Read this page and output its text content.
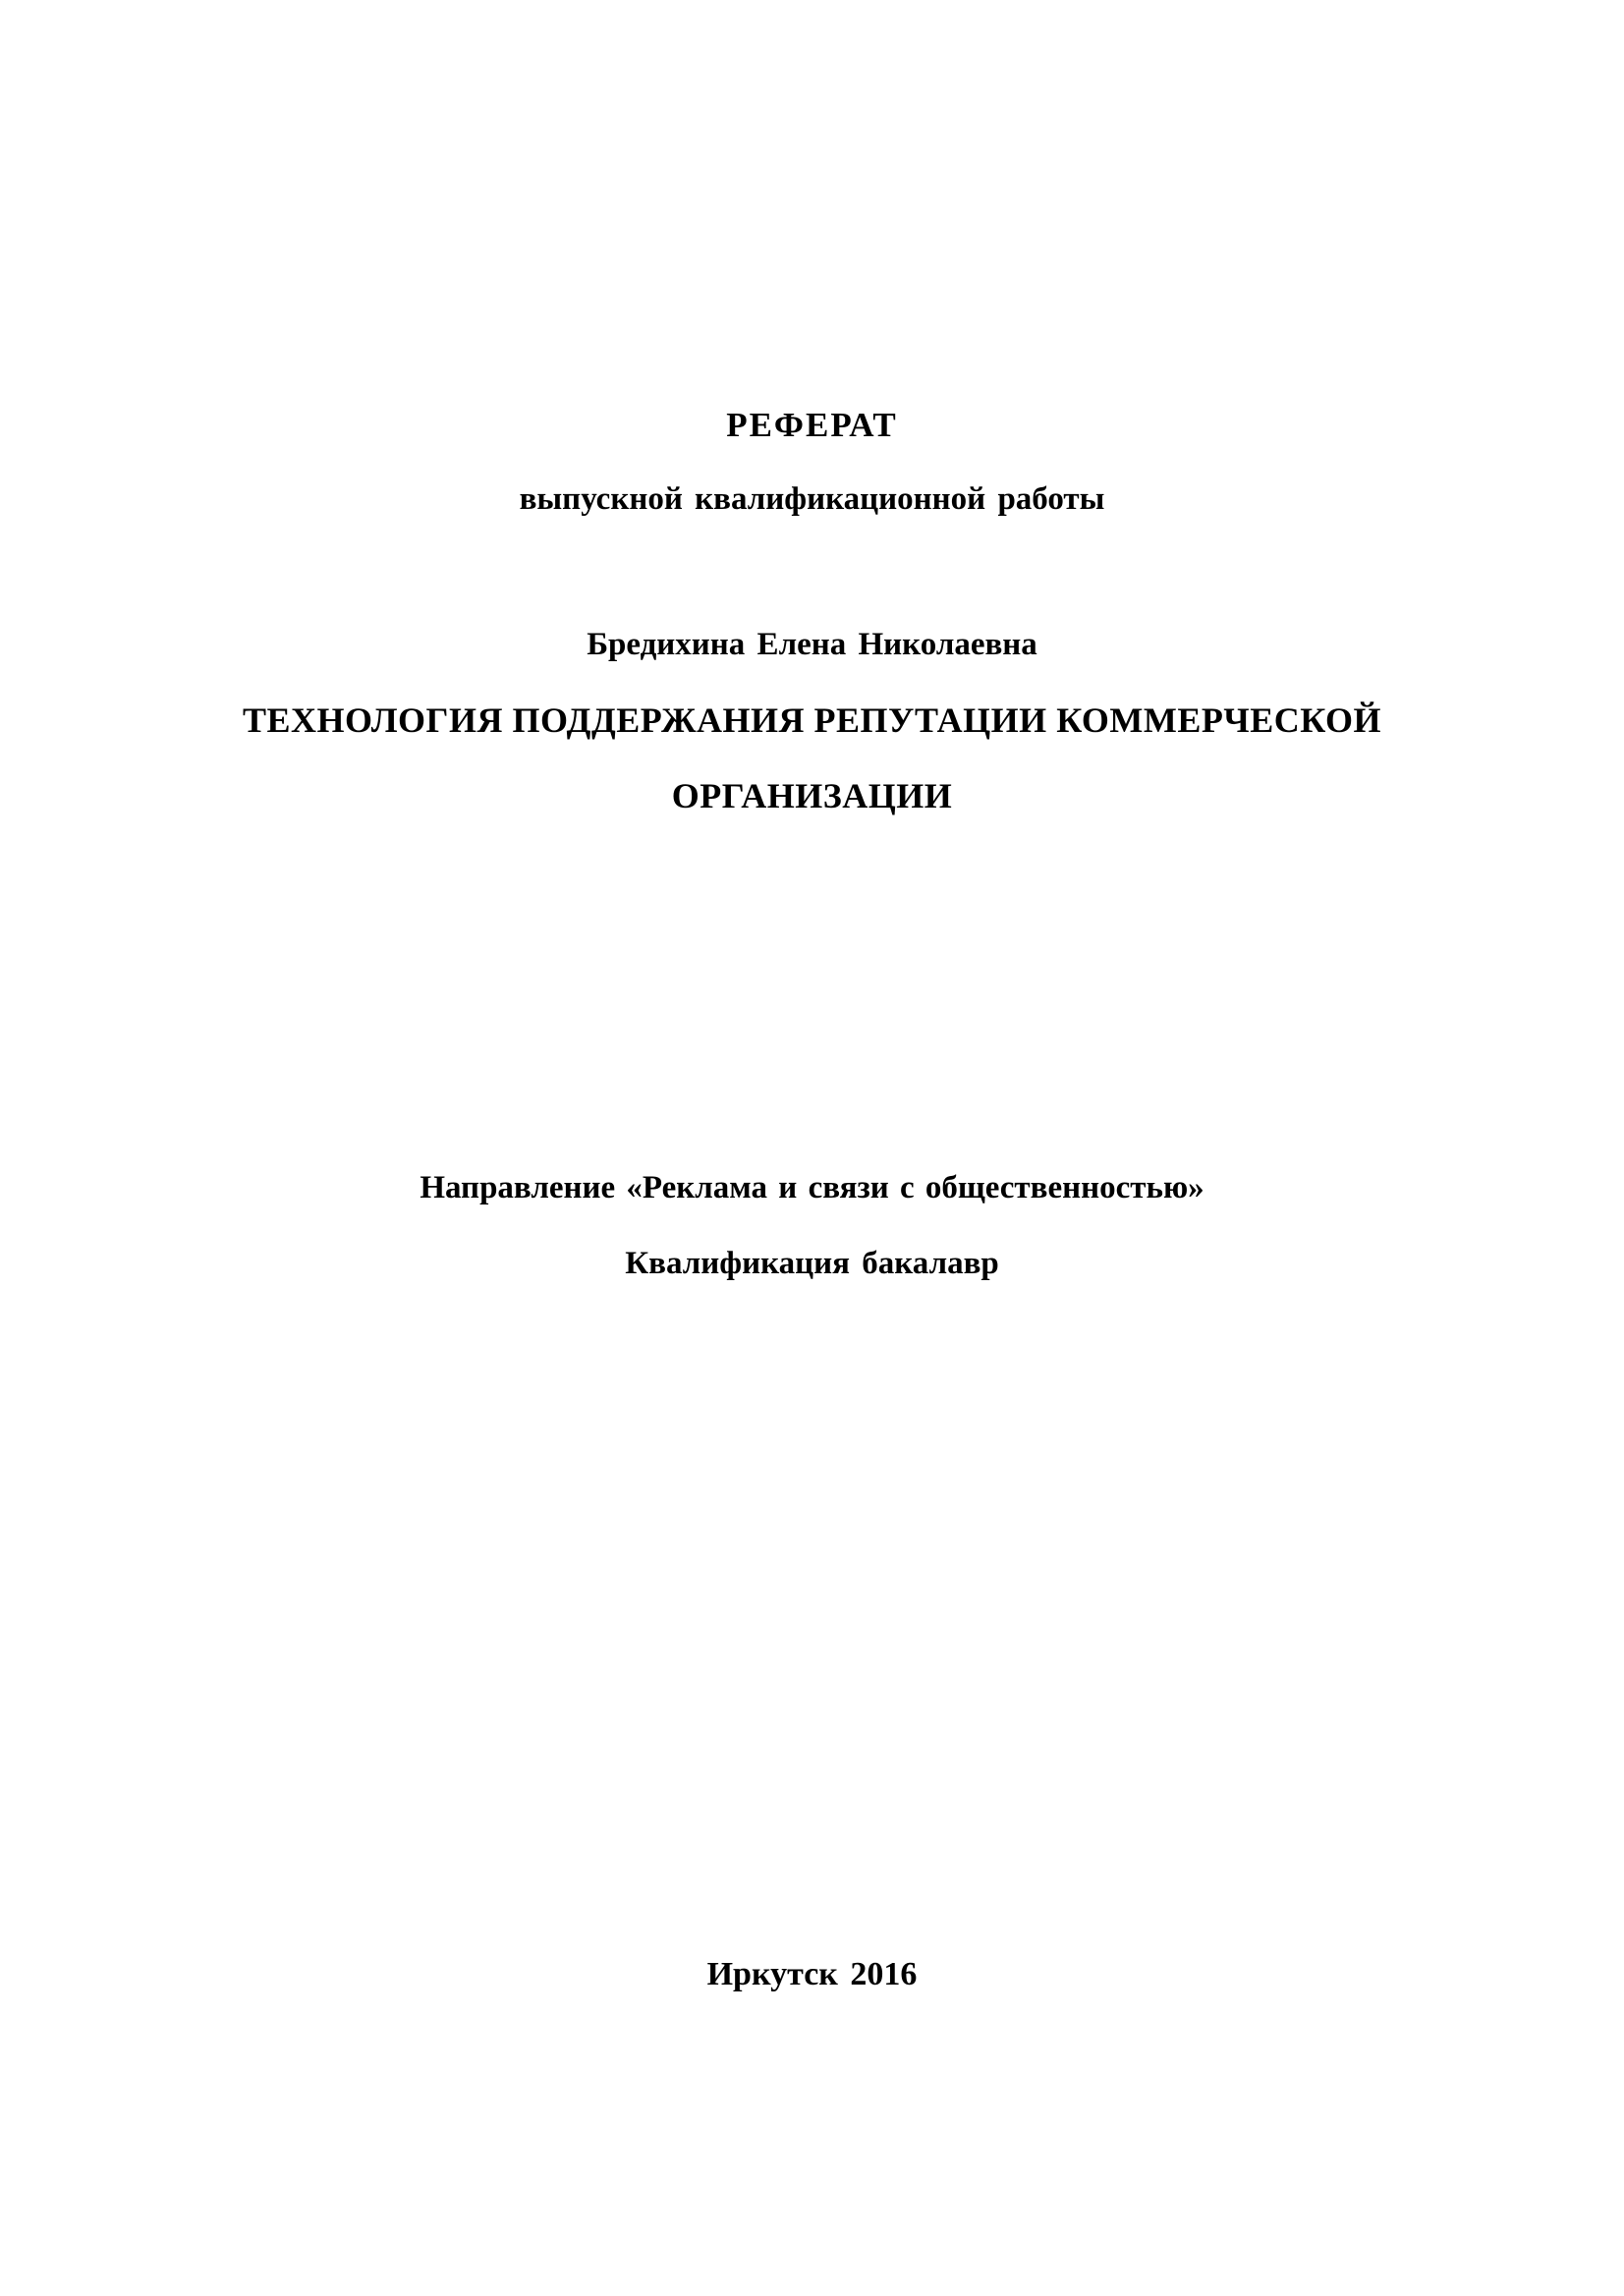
РЕФЕРАТ
выпускной квалификационной работы
Бредихина Елена Николаевна
ТЕХНОЛОГИЯ ПОДДЕРЖАНИЯ РЕПУТАЦИИ КОММЕРЧЕСКОЙ
ОРГАНИЗАЦИИ
Направление «Реклама и связи с общественностью»
Квалификация бакалавр
Иркутск 2016
